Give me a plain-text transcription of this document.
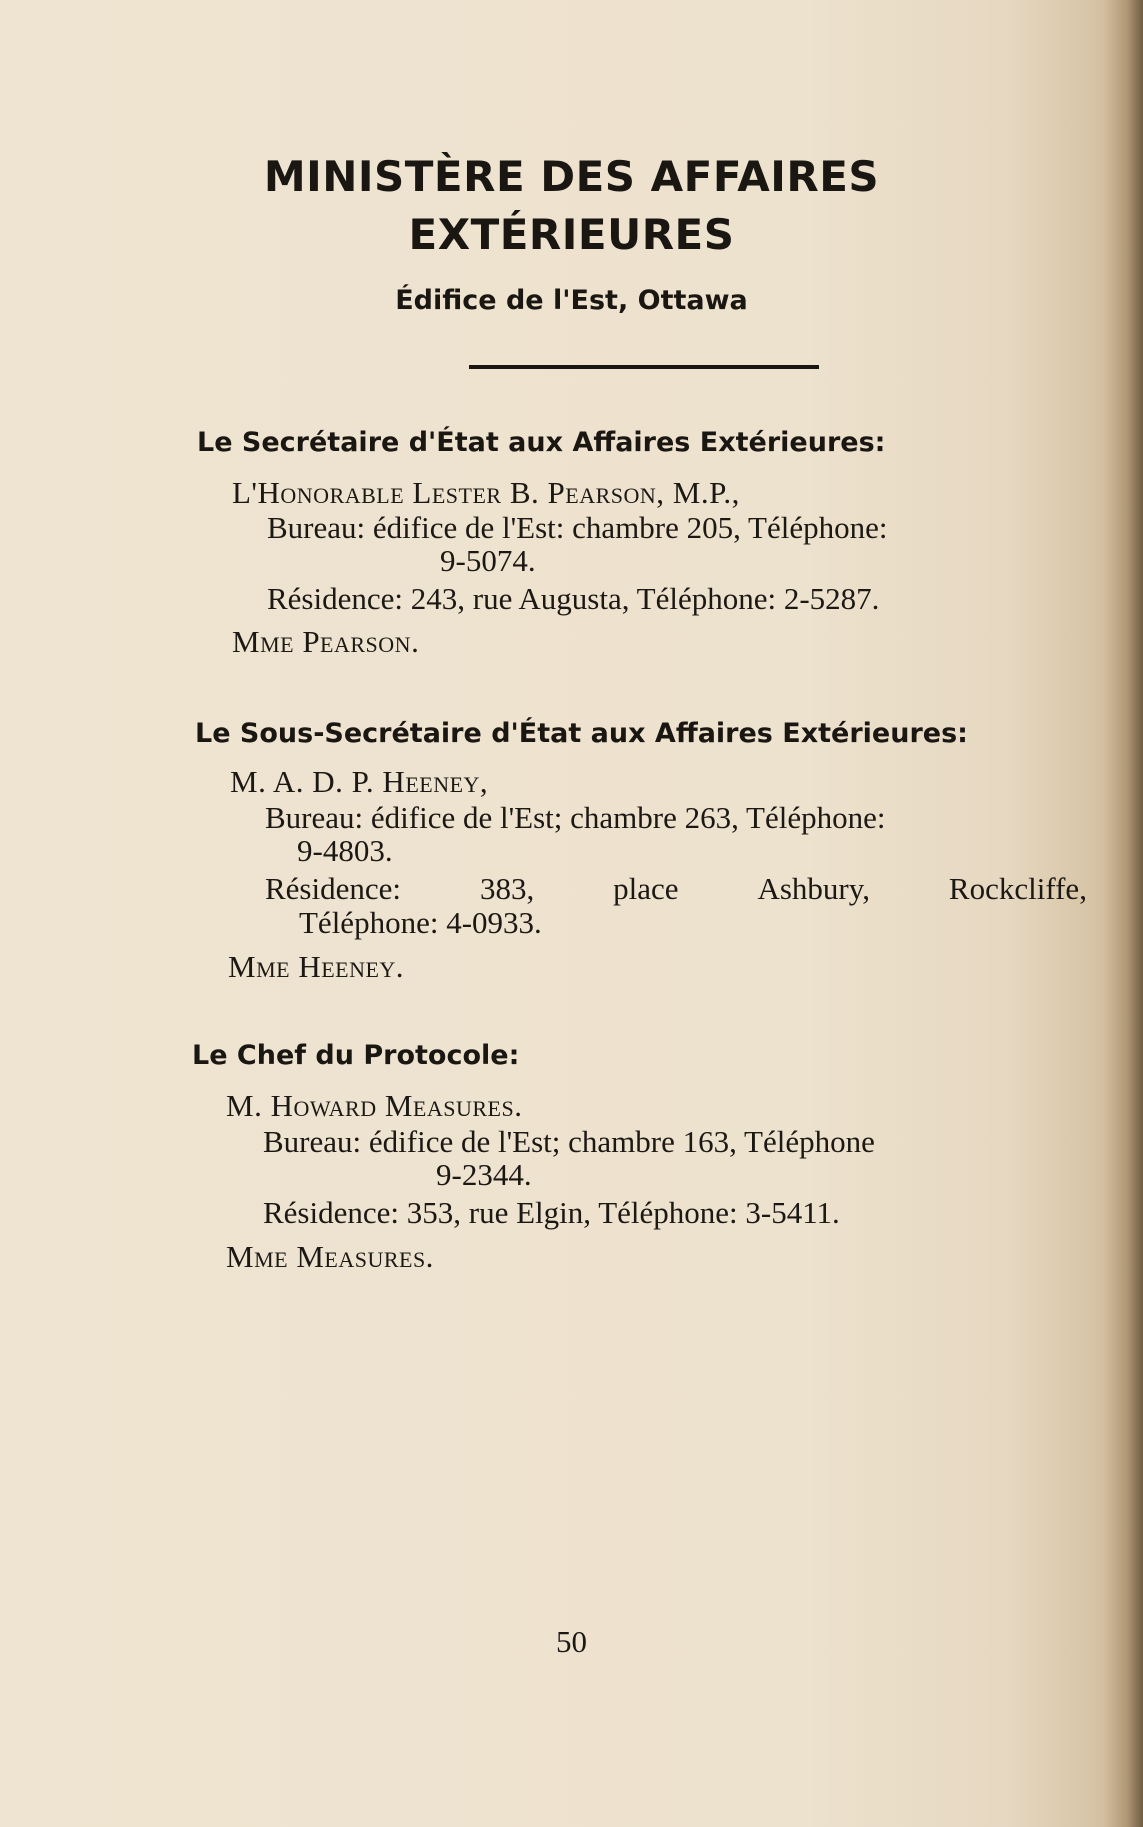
MINISTÈRE DES AFFAIRES
EXTÉRIEURES
Édifice de l'Est, Ottawa
Le Secrétaire d'État aux Affaires Extérieures:
L'Honorable Lester B. Pearson, M.P.,
Bureau: édifice de l'Est: chambre 205, Téléphone:
9-5074.
Résidence: 243, rue Augusta, Téléphone: 2-5287.
Mme Pearson.
Le Sous-Secrétaire d'État aux Affaires Extérieures:
M. A. D. P. Heeney,
Bureau: édifice de l'Est; chambre 263, Téléphone:
9-4803.
Résidence:	383,	place	Ashbury,	Rockcliffe,
Téléphone: 4-0933.
Mme Heeney.
Le Chef du Protocole:
M. Howard Measures.
Bureau: édifice de l'Est; chambre 163, Téléphone
9-2344.
Résidence: 353, rue Elgin, Téléphone: 3-5411.
Mme Measures.
50
